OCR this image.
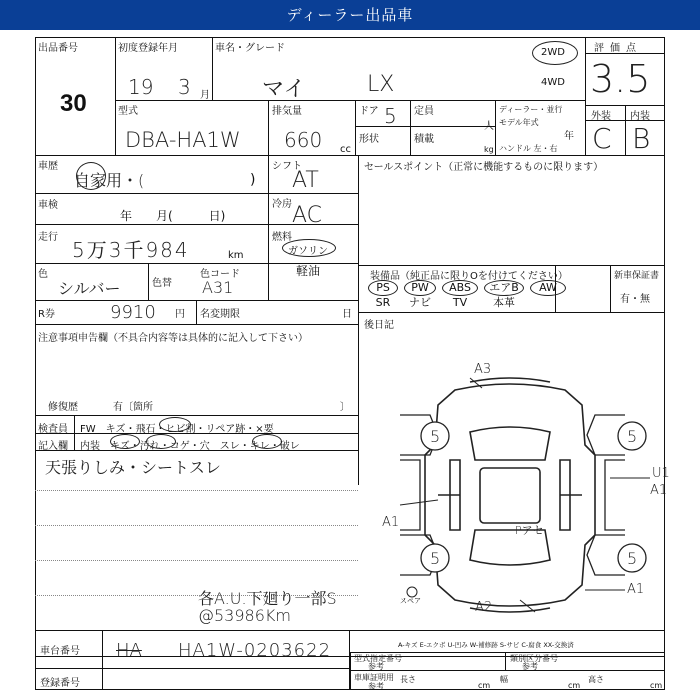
ディーラー出品車
出品番号
30
初度登録年月
19 3 月
車名・グレード
マイ	LX
2WD
4WD
型式
DBA-HA1W
排気量
660 cc
ドア 5 定員
人
形状	積載
kg
ディーラー・並行
モデル年式
年
ハンドル 左・右
評価点
3.5
外装 内装
C B
車歴
自家用・(	)
車検
年　　月(　　　日)
走行
5万3千984	km
色
シルバー	色替
色コード
A31
R券	9910 円 名変期限	日
シフト
AT
冷房 AC
燃料
ガソリン
軽油
注意事項申告欄（不具合内容等は具体的に記入して下さい）
修復歴	有〔箇所	〕
セールスポイント（正常に機能するものに限ります）
装備品（純正品に限りOを付けてください）
PS	PW	ABS	エアB	AW
SR	ナビ	TV	本革
新車保証書
有・無
後日記
検査員
記入欄
FW　キズ・飛石・ヒビ割・リペア跡・×要
内装　キズ・汚れ・コゲ・穴　スレ・キレ・破レ
天張りしみ・シートスレ
各A.U.下廻り一部S
@53986Km
A3
A2
U1
A1
A1
Pアセ
A1
5	5
5	5
スペア
A-キズ E-エクボ U-凹み W-補修跡 S-サビ C-腐食 XX-交換済
車台番号 HA HA1W-0203622
登録番号
型式指定番号
参考
類別区分番号
参考
車庫証明用
参考
長さ
cm
幅
cm
高さ
cm
